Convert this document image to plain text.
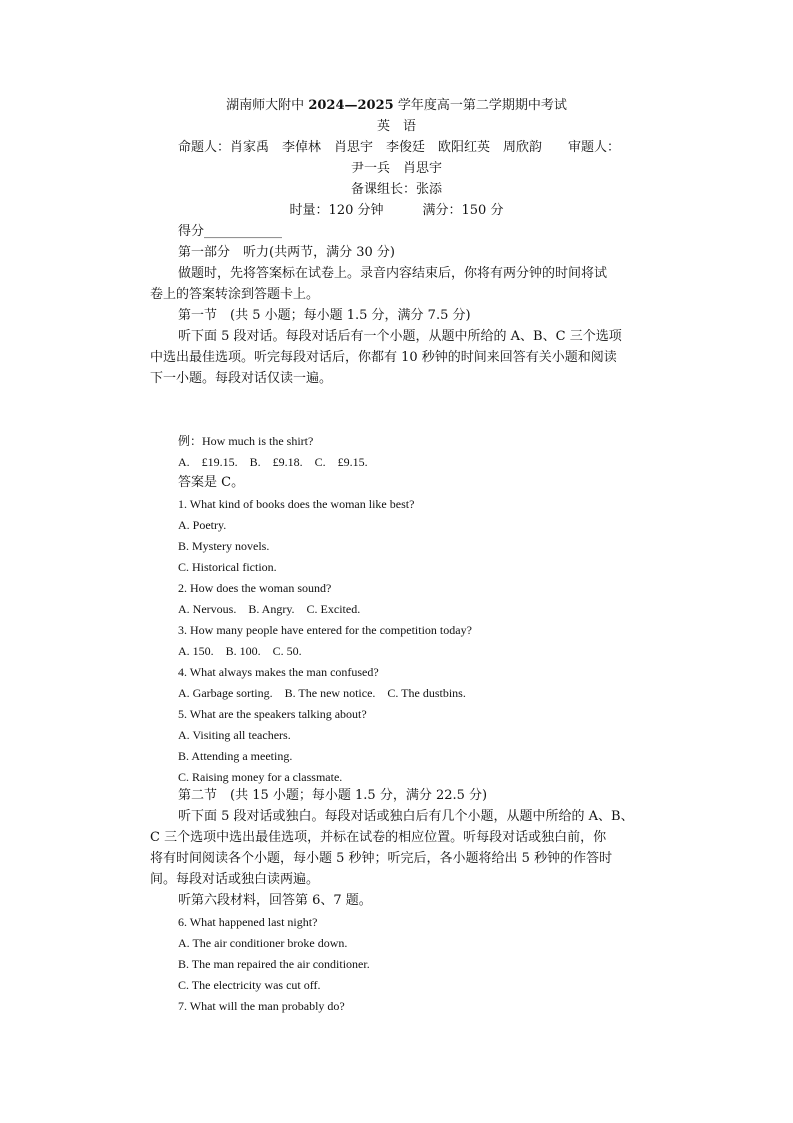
湖南师大附中 2024—2025 学年度高一第二学期期中考试
英　语
命题人：肖家禹　李倬林　肖思宇　李俊廷　欧阳红英　周欣韵　　审题人：
尹一兵　肖思宇
备课组长：张添
时量：120 分钟　　　满分：150 分
得分____________
第一部分　听力(共两节，满分 30 分)
做题时，先将答案标在试卷上。录音内容结束后，你将有两分钟的时间将试
卷上的答案转涂到答题卡上。
第一节　(共 5 小题；每小题 1.5 分，满分 7.5 分)
听下面 5 段对话。每段对话后有一个小题，从题中所给的 A、B、C 三个选项
中选出最佳选项。听完每段对话后，你都有 10 秒钟的时间来回答有关小题和阅读
下一小题。每段对话仅读一遍。
例：How much is the shirt?
A.　£19.15.　B.　£9.18.　C.　£9.15.
答案是 C。
1. What kind of books does the woman like best?
A. Poetry.
B. Mystery novels.
C. Historical fiction.
2. How does the woman sound?
A. Nervous.　B. Angry.　C. Excited.
3. How many people have entered for the competition today?
A. 150.　B. 100.　C. 50.
4. What always makes the man confused?
A. Garbage sorting.　B. The new notice.　C. The dustbins.
5. What are the speakers talking about?
A. Visiting all teachers.
B. Attending a meeting.
C. Raising money for a classmate.
第二节　(共 15 小题；每小题 1.5 分，满分 22.5 分)
听下面 5 段对话或独白。每段对话或独白后有几个小题，从题中所给的 A、B、
C 三个选项中选出最佳选项，并标在试卷的相应位置。听每段对话或独白前，你
将有时间阅读各个小题，每小题 5 秒钟；听完后，各小题将给出 5 秒钟的作答时
间。每段对话或独白读两遍。
听第六段材料，回答第 6、7 题。
6. What happened last night?
A. The air conditioner broke down.
B. The man repaired the air conditioner.
C. The electricity was cut off.
7. What will the man probably do?
